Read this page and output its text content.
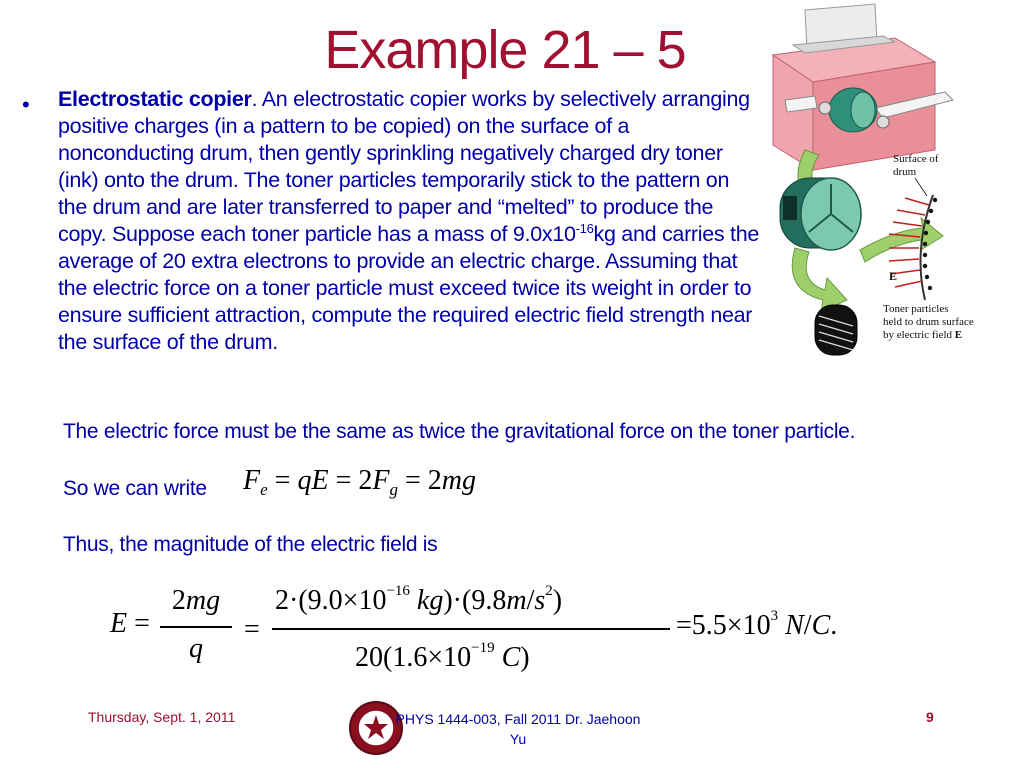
Example 21 – 5
• Electrostatic copier. An electrostatic copier works by selectively arranging positive charges (in a pattern to be copied) on the surface of a nonconducting drum, then gently sprinkling negatively charged dry toner (ink) onto the drum. The toner particles temporarily stick to the pattern on the drum and are later transferred to paper and “melted” to produce the copy. Suppose each toner particle has a mass of $9.0x10^{-16}kg$ and carries the average of 20 extra electrons to provide an electric charge. Assuming that the electric force on a toner particle must exceed twice its weight in order to ensure sufficient attraction, compute the required electric field strength near the surface of the drum.
Surface of
drum
E
Toner particles
held to drum surface
by electric field E
The electric force must be the same as twice the gravitational force on the toner particle.
So we can write
Thus, the magnitude of the electric field is
$F_e$ = qE = $2F_g = 2mg$
E =
2mg
q
=
$2\cdot(9.0\times 10^{-16}$ $kg)\cdot(9.8m/s^2)$
$20(1.6\times 10^{-19}$ C)
$=5.5\times 10^3$ N/C.
Thursday, Sept. 1, 2011	PHYS 1444-003, Fall 2011 Dr. Jaehoon
Yu
9
